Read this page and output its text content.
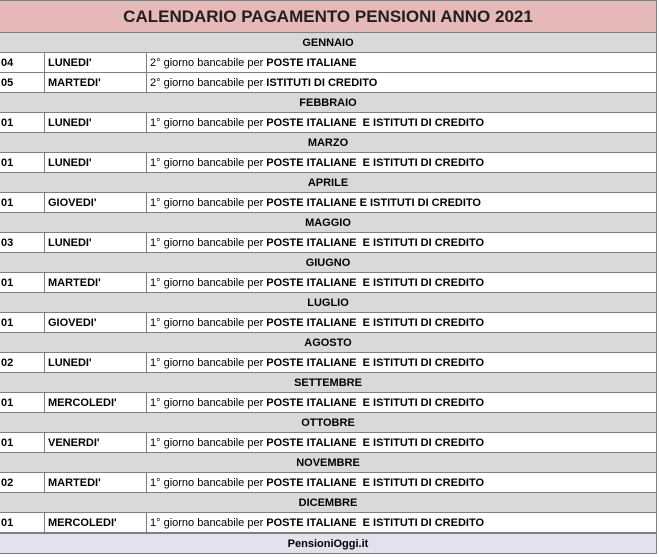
CALENDARIO PAGAMENTO PENSIONI ANNO 2021
GENNAIO
04	LUNEDI'	2° giorno bancabile per POSTE ITALIANE
05	MARTEDI'	2° giorno bancabile per ISTITUTI DI CREDITO
FEBBRAIO
01	LUNEDI'	1° giorno bancabile per POSTE ITALIANE  E ISTITUTI DI CREDITO
MARZO
01	LUNEDI'	1° giorno bancabile per POSTE ITALIANE  E ISTITUTI DI CREDITO
APRILE
01	GIOVEDI'	1° giorno bancabile per POSTE ITALIANE E ISTITUTI DI CREDITO
MAGGIO
03	LUNEDI'	1° giorno bancabile per POSTE ITALIANE  E ISTITUTI DI CREDITO
GIUGNO
01	MARTEDI'	1° giorno bancabile per POSTE ITALIANE  E ISTITUTI DI CREDITO
LUGLIO
01	GIOVEDI'	1° giorno bancabile per POSTE ITALIANE  E ISTITUTI DI CREDITO
AGOSTO
02	LUNEDI'	1° giorno bancabile per POSTE ITALIANE  E ISTITUTI DI CREDITO
SETTEMBRE
01	MERCOLEDI'	1° giorno bancabile per POSTE ITALIANE  E ISTITUTI DI CREDITO
OTTOBRE
01	VENERDI'	1° giorno bancabile per POSTE ITALIANE  E ISTITUTI DI CREDITO
NOVEMBRE
02	MARTEDI'	1° giorno bancabile per POSTE ITALIANE  E ISTITUTI DI CREDITO
DICEMBRE
01	MERCOLEDI'	1° giorno bancabile per POSTE ITALIANE  E ISTITUTI DI CREDITO
PensioniOggi.it
